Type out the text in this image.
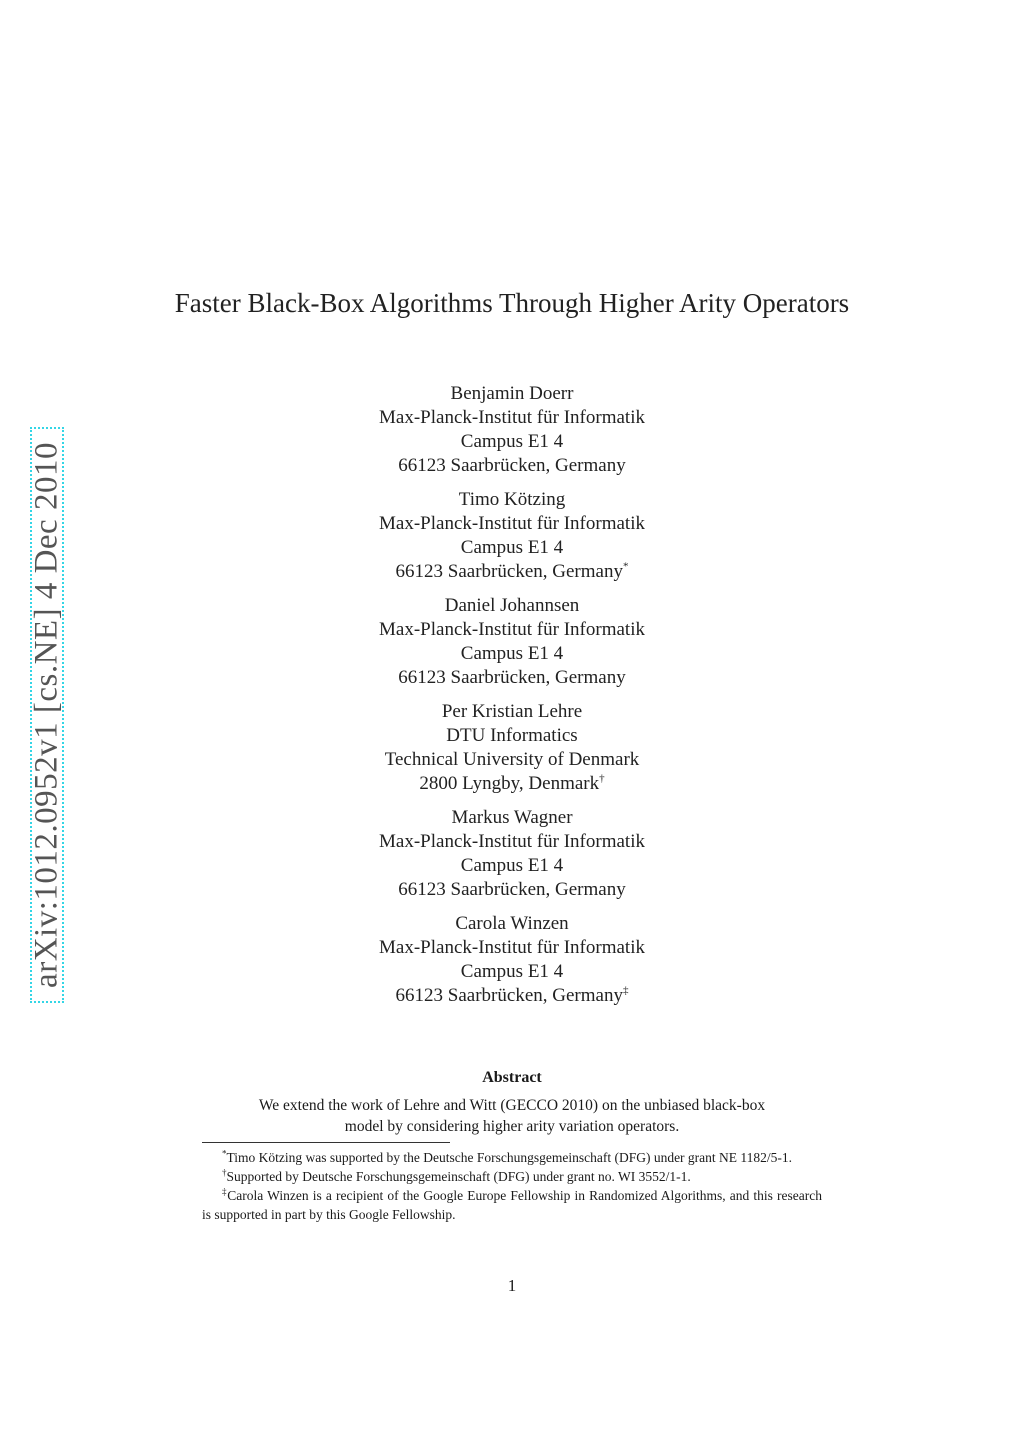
arXiv:1012.0952v1 [cs.NE] 4 Dec 2010
Faster Black-Box Algorithms Through Higher Arity Operators
Benjamin Doerr
Max-Planck-Institut für Informatik
Campus E1 4
66123 Saarbrücken, Germany
Timo Kötzing
Max-Planck-Institut für Informatik
Campus E1 4
66123 Saarbrücken, Germany*
Daniel Johannsen
Max-Planck-Institut für Informatik
Campus E1 4
66123 Saarbrücken, Germany
Per Kristian Lehre
DTU Informatics
Technical University of Denmark
2800 Lyngby, Denmark†
Markus Wagner
Max-Planck-Institut für Informatik
Campus E1 4
66123 Saarbrücken, Germany
Carola Winzen
Max-Planck-Institut für Informatik
Campus E1 4
66123 Saarbrücken, Germany‡
Abstract
We extend the work of Lehre and Witt (GECCO 2010) on the unbiased black-box model by considering higher arity variation operators.

*Timo Kötzing was supported by the Deutsche Forschungsgemeinschaft (DFG) under grant NE 1182/5-1.

†Supported by Deutsche Forschungsgemeinschaft (DFG) under grant no. WI 3552/1-1.

‡Carola Winzen is a recipient of the Google Europe Fellowship in Randomized Algorithms, and this research is supported in part by this Google Fellowship.

1
